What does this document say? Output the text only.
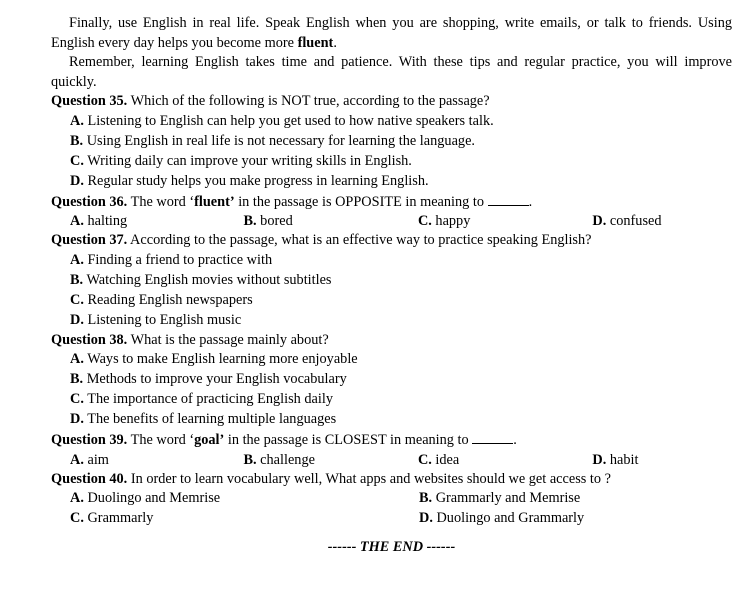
Finally, use English in real life. Speak English when you are shopping, write emails, or talk to friends. Using English every day helps you become more fluent.

Remember, learning English takes time and patience. With these tips and regular practice, you will improve quickly.

Question 35. Which of the following is NOT true, according to the passage?

A. Listening to English can help you get used to how native speakers talk.

B. Using English in real life is not necessary for learning the language.

C. Writing daily can improve your writing skills in English.

D. Regular study helps you make progress in learning English.

Question 36. The word ‘fluent’ in the passage is OPPOSITE in meaning to	.

A. halting	B. bored	C. happy	D. confused

Question 37. According to the passage, what is an effective way to practice speaking English?

A. Finding a friend to practice with

B. Watching English movies without subtitles

C. Reading English newspapers

D. Listening to English music

Question 38. What is the passage mainly about?

A. Ways to make English learning more enjoyable

B. Methods to improve your English vocabulary

C. The importance of practicing English daily

D. The benefits of learning multiple languages

Question 39. The word ‘goal’ in the passage is CLOSEST in meaning to	.

A. aim	B. challenge	C. idea	D. habit

Question 40. In order to learn vocabulary well, What apps and websites should we get access to ?

A. Duolingo and Memrise	B. Grammarly and Memrise
C. Grammarly	D. Duolingo and Grammarly
------ THE END ------
